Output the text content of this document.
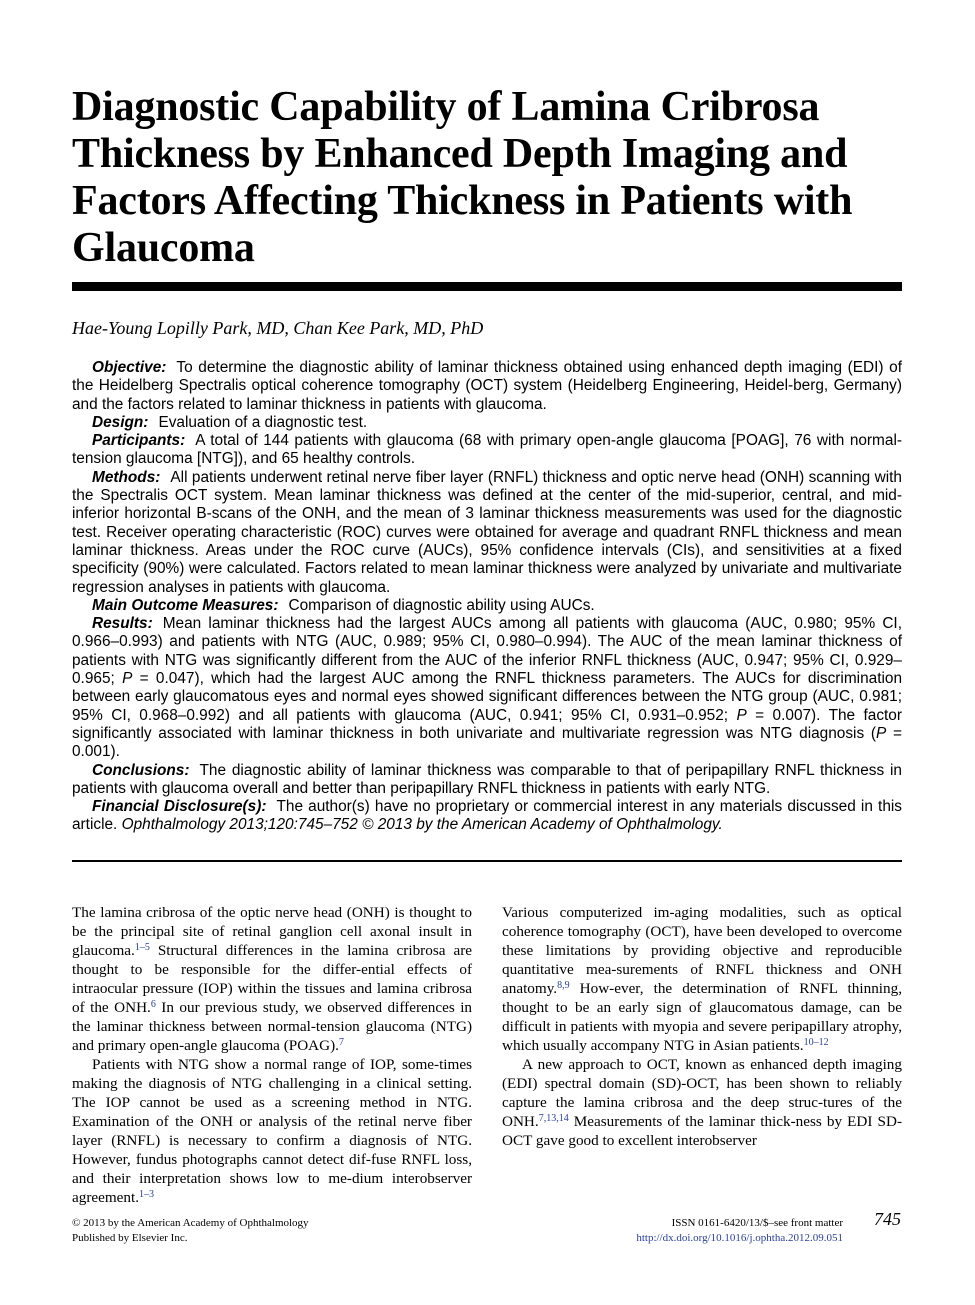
Diagnostic Capability of Lamina Cribrosa Thickness by Enhanced Depth Imaging and Factors Affecting Thickness in Patients with Glaucoma
Hae-Young Lopilly Park, MD, Chan Kee Park, MD, PhD

Objective: To determine the diagnostic ability of laminar thickness obtained using enhanced depth imaging (EDI) of the Heidelberg Spectralis optical coherence tomography (OCT) system (Heidelberg Engineering, Heidel-berg, Germany) and the factors related to laminar thickness in patients with glaucoma.

Design: Evaluation of a diagnostic test.

Participants: A total of 144 patients with glaucoma (68 with primary open-angle glaucoma [POAG], 76 with normal-tension glaucoma [NTG]), and 65 healthy controls.

Methods: All patients underwent retinal nerve fiber layer (RNFL) thickness and optic nerve head (ONH) scanning with the Spectralis OCT system. Mean laminar thickness was defined at the center of the mid-superior, central, and mid-inferior horizontal B-scans of the ONH, and the mean of 3 laminar thickness measurements was used for the diagnostic test. Receiver operating characteristic (ROC) curves were obtained for average and quadrant RNFL thickness and mean laminar thickness. Areas under the ROC curve (AUCs), 95% confidence intervals (CIs), and sensitivities at a fixed specificity (90%) were calculated. Factors related to mean laminar thickness were analyzed by univariate and multivariate regression analyses in patients with glaucoma.

Main Outcome Measures: Comparison of diagnostic ability using AUCs.

Results: Mean laminar thickness had the largest AUCs among all patients with glaucoma (AUC, 0.980; 95% CI, 0.966–0.993) and patients with NTG (AUC, 0.989; 95% CI, 0.980–0.994). The AUC of the mean laminar thickness of patients with NTG was significantly different from the AUC of the inferior RNFL thickness (AUC, 0.947; 95% CI, 0.929–0.965; P = 0.047), which had the largest AUC among the RNFL thickness parameters. The AUCs for discrimination between early glaucomatous eyes and normal eyes showed significant differences between the NTG group (AUC, 0.981; 95% CI, 0.968–0.992) and all patients with glaucoma (AUC, 0.941; 95% CI, 0.931–0.952; P = 0.007). The factor significantly associated with laminar thickness in both univariate and multivariate regression was NTG diagnosis (P = 0.001).

Conclusions: The diagnostic ability of laminar thickness was comparable to that of peripapillary RNFL thickness in patients with glaucoma overall and better than peripapillary RNFL thickness in patients with early NTG.

Financial Disclosure(s): The author(s) have no proprietary or commercial interest in any materials discussed in this article. Ophthalmology 2013;120:745–752 © 2013 by the American Academy of Ophthalmology.

The lamina cribrosa of the optic nerve head (ONH) is thought to be the principal site of retinal ganglion cell axonal insult in glaucoma.$^{1-5}$ Structural differences in the lamina cribrosa are thought to be responsible for the differ-ential effects of intraocular pressure (IOP) within the tissues and lamina cribrosa of the ONH.$^6$ In our previous study, we observed differences in the laminar thickness between normal-tension glaucoma (NTG) and primary open-angle glaucoma (POAG).$^7$

Patients with NTG show a normal range of IOP, some-times making the diagnosis of NTG challenging in a clinical setting. The IOP cannot be used as a screening method in NTG. Examination of the ONH or analysis of the retinal nerve fiber layer (RNFL) is necessary to confirm a diagnosis of NTG. However, fundus photographs cannot detect dif-fuse RNFL loss, and their interpretation shows low to me-dium interobserver agreement.$^{1-3}$

Various computerized im-aging modalities, such as optical coherence tomography (OCT), have been developed to overcome these limitations by providing objective and reproducible quantitative mea-surements of RNFL thickness and ONH anatomy.$^{8,9}$ How-ever, the determination of RNFL thinning, thought to be an early sign of glaucomatous damage, can be difficult in patients with myopia and severe peripapillary atrophy, which usually accompany NTG in Asian patients.$^{10-12}$

A new approach to OCT, known as enhanced depth imaging (EDI) spectral domain (SD)-OCT, has been shown to reliably capture the lamina cribrosa and the deep struc-tures of the ONH.$^{7,13,14}$ Measurements of the laminar thick-ness by EDI SD-OCT gave good to excellent interobserver

© 2013 by the American Academy of Ophthalmology
Published by Elsevier Inc.
ISSN 0161-6420/13/$–see front matter
http://dx.doi.org/10.1016/j.ophtha.2012.09.051
745
